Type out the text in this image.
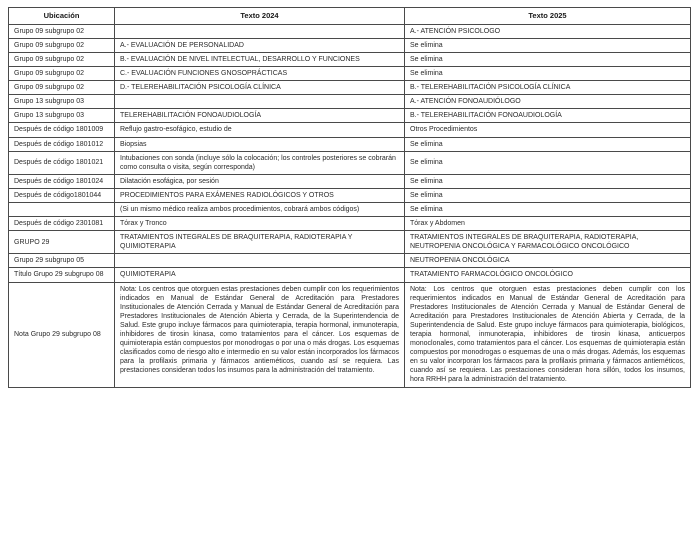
Ubicación	Texto 2024	Texto 2025
Grupo 09 subgrupo 02		A.- ATENCIÓN PSICOLOGO
Grupo 09 subgrupo 02	A.- EVALUACIÓN DE PERSONALIDAD	Se elimina
Grupo 09 subgrupo 02	B.- EVALUACIÓN DE NIVEL INTELECTUAL, DESARROLLO Y FUNCIONES	Se elimina
Grupo 09 subgrupo 02	C.- EVALUACIÓN FUNCIONES GNOSOPRÁCTICAS	Se elimina
Grupo 09 subgrupo 02	D.- TELEREHABILITACIÓN PSICOLOGÍA CLÍNICA	B.- TELEREHABILITACIÓN PSICOLOGÍA CLÍNICA
Grupo 13 subgrupo 03		A.- ATENCIÓN FONOAUDIÓLOGO
Grupo 13 subgrupo 03	TELEREHABILITACIÓN FONOAUDIOLOGÍA	B.- TELEREHABILITACIÓN FONOAUDIOLOGÍA
Después de código 1801009	Reflujo gastro-esofágico, estudio de	Otros Procedimientos
Después de código 1801012	Biopsias	Se elimina
Después de código 1801021	Intubaciones con sonda (incluye sólo la colocación; los controles posteriores se cobrarán como consulta o visita, según corresponda)	Se elimina
Después de código 1801024	Dilatación esofágica, por sesión	Se elimina
Después de código1801044	PROCEDIMIENTOS PARA EXÁMENES RADIOLÓGICOS Y OTROS	Se elimina
	(Si un mismo médico realiza ambos procedimientos, cobrará ambos códigos)	Se elimina
Después de código 2301081	Tórax y Tronco	Tórax y Abdomen
GRUPO 29	TRATAMIENTOS INTEGRALES DE BRAQUITERAPIA, RADIOTERAPIA Y QUIMIOTERAPIA	TRATAMIENTOS INTEGRALES DE BRAQUITERAPIA, RADIOTERAPIA, NEUTROPENIA ONCOLÓGICA Y FARMACOLÓGICO ONCOLÓGICO
Grupo 29 subgrupo 05		NEUTROPENIA ONCOLÓGICA
Título Grupo 29 subgrupo 08	QUIMIOTERAPIA	TRATAMIENTO FARMACOLÓGICO ONCOLÓGICO
Nota Grupo 29 subgrupo 08	Nota: Los centros que otorguen estas prestaciones deben cumplir con los requerimientos indicados en Manual de Estándar General de Acreditación para Prestadores Institucionales de Atención Cerrada y Manual de Estándar General de Acreditación para Prestadores Institucionales de Atención Abierta y Cerrada, de la Superintendencia de Salud. Este grupo incluye fármacos para quimioterapia, terapia hormonal, inmunoterapia, inhibidores de tirosin kinasa, como tratamientos para el cáncer. Los esquemas de quimioterapia están compuestos por monodrogas o por una o más drogas. Los esquemas clasificados como de riesgo alto e intermedio en su valor están incorporados los fármacos para la profilaxis primaria y fármacos antieméticos, cuando así se requiera. Las prestaciones consideran todos los insumos para la administración del tratamiento.	Nota: Los centros que otorguen estas prestaciones deben cumplir con los requerimientos indicados en Manual de Estándar General de Acreditación para Prestadores Institucionales de Atención Cerrada y Manual de Estándar General de Acreditación para Prestadores Institucionales de Atención Abierta y Cerrada, de la Superintendencia de Salud. Este grupo incluye fármacos para quimioterapia, biológicos, terapia hormonal, inmunoterapia, inhibidores de tirosin kinasa, anticuerpos monoclonales, como tratamientos para el cáncer. Los esquemas de quimioterapia están compuestos por monodrogas o esquemas de una o más drogas. Además, los esquemas en su valor incorporan los fármacos para la profilaxis primaria y fármacos antieméticos, cuando así se requiera. Las prestaciones consideran hora sillón, todos los insumos, hora RRHH para la administración del tratamiento.
